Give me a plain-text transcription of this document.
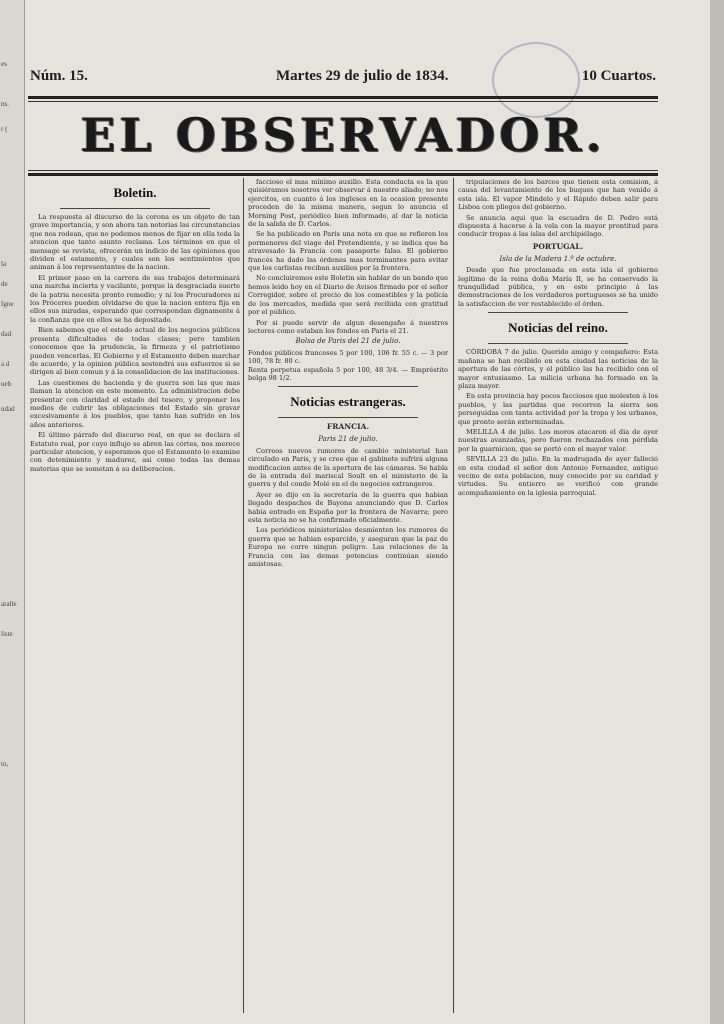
es
ns.
r (
la
de
Igne
dad
a d
ueb
udad
aralle
liste
to,
Núm. 15.	Martes 29 de julio de 1834.	10 Cuartos.
EL OBSERVADOR.
Boletin.

La respuesta al discurso de la corona es un objeto de tan grave importancia, y son ahora tan notorias las circunstancias que nos rodean, que no podemos menos de fijar en ella toda la atencion que tanto asunto reclama. Los términos en que el mensage se revista, ofrecerán un indicio de las opiniones que dividen el estamento, y cuales son los sentimientos que animan á los representantes de la nacion.

El primer paso en la carrera de sus trabajos determinará una marcha incierta y vacilante, porque la desgraciada suerte de la patria necesita pronto remedio; y ni los Procuradores ni los Próceres pueden olvidarse de que la nacion entera fija en ellos sus miradas, esperando que correspondan dignamente á la confianza que en ellos se ha depositado.

Bien sabemos que el estado actual de los negocios públicos presenta dificultades de todas clases; pero tambien conocemos que la prudencia, la firmeza y el patriotismo pueden vencerlas. El Gobierno y el Estamento deben marchar de acuerdo, y la opinion pública sostendrá sus esfuerzos si se dirigen al bien comun y á la consolidacion de las instituciones.

Las cuestiones de hacienda y de guerra son las que mas llaman la atencion en este momento. La administracion debe presentar con claridad el estado del tesoro, y proponer los medios de cubrir las obligaciones del Estado sin gravar excesivamente á los pueblos, que tanto han sufrido en los años anteriores.

El último párrafo del discurso real, en que se declara el Estatuto real, por cuyo influjo se abren las córtes, nos merece particular atencion, y esperamos que el Estamento lo examine con detenimiento y madurez, asi como todas las demas materias que se sometan á su deliberacion.

faccioso el mas mínimo auxilio. Esta conducta es la que quisiéramos nosotros ver observar á nuestro aliado; no nos ejercitos, en cuanto á los ingleses en la ocasion presente proceden de la misma manera, segun lo anuncia el Morning Post, periódico bien informado, al dar la noticia de la salida de D. Carlos.

Se ha publicado en Paris una nota en que se refieren los pormenores del viage del Pretendiente, y se indica que ha atravesado la Francia con pasaporte falso. El gobierno francés ha dado las órdenes mas terminantes para evitar que los carlistas reciban auxilios por la frontera.

No concluiremos este Boletin sin hablar de un bando que hemos leido hoy en el Diario de Avisos firmado por el señor Corregidor, sobre el precio de los comestibles y la policía de los mercados, medida que será recibida con gratitud por el público.

Por si puede servir de algun desengaño á nuestros lectores como estaban los fondos en Paris el 21.

Bolsa de Paris del 21 de julio.
Fondos públicos franceses 5 por 100, 106 fr. 55 c. — 3 por 100, 78 fr. 80 c.
Renta perpetua española 5 por 100, 48 3/4. — Empréstito belga 98 1/2.
Noticias estrangeras.
FRANCIA.
Paris 21 de julio.

Correos nuevos rumores de cambio ministerial han circulado en Paris, y se cree que el gabinete sufrirá alguna modificacion antes de la apertura de las cámaras. Se habla de la entrada del mariscal Soult en el ministerio de la guerra y del conde Molé en el de negocios extrangeros.

Ayer se dijo en la secretaría de la guerra que habian llegado despachos de Bayona anunciando que D. Carlos habia entrado en España por la frontera de Navarra; pero esta noticia no se ha confirmado oficialmente.

Los periódicos ministeriales desmienten los rumores de guerra que se habian esparcido, y aseguran que la paz de Europa no corre ningun peligro. Las relaciones de la Francia con las demas potencias continúan siendo amistosas.

tripulaciones de los barcos que tienen esta comision, á causa del levantamiento de los buques que han venido á esta isla. El vapor Mindelo y el Rápido deben salir para Lisboa con pliegos del gobierno.

Se anuncia aqui que la escuadra de D. Pedro está dispuesta á hacerse á la vela con la mayor prontitud para conducir tropas á las islas del archipiélago.

PORTUGAL.
Isla de la Madera 1.º de octubre.

Desde que fue proclamada en esta isla el gobierno legítimo de la reina doña María II, se ha conservado la tranquilidad pública, y en este principio á las demostraciones de los verdaderos portugueses se ha unido la satisfaccion de ver restablecido el órden.

Noticias del reino.

CÓRDOBA 7 de julio. Querido amigo y compañero: Esta mañana se han recibido en esta ciudad las noticias de la apertura de las córtes, y el público las ha recibido con el mayor entusiasmo. La milicia urbana ha formado en la plaza mayor.

En esta provincia hay pocos facciosos que molesten á los pueblos, y las partidas que recorren la sierra son perseguidas con tanta actividad por la tropa y los urbanos, que pronto serán exterminadas.

MELILLA 4 de julio. Los moros atacaron el dia de ayer nuestras avanzadas, pero fueron rechazados con pérdida por la guarnicion, que se portó con el mayor valor.

SEVILLA 23 de julio. En la madrugada de ayer falleció en esta ciudad el señor don Antonio Fernandez, antiguo vecino de esta poblacion, muy conocido por su caridad y virtudes. Su entierro se verificó con grande acompañamiento en la iglesia parroquial.
